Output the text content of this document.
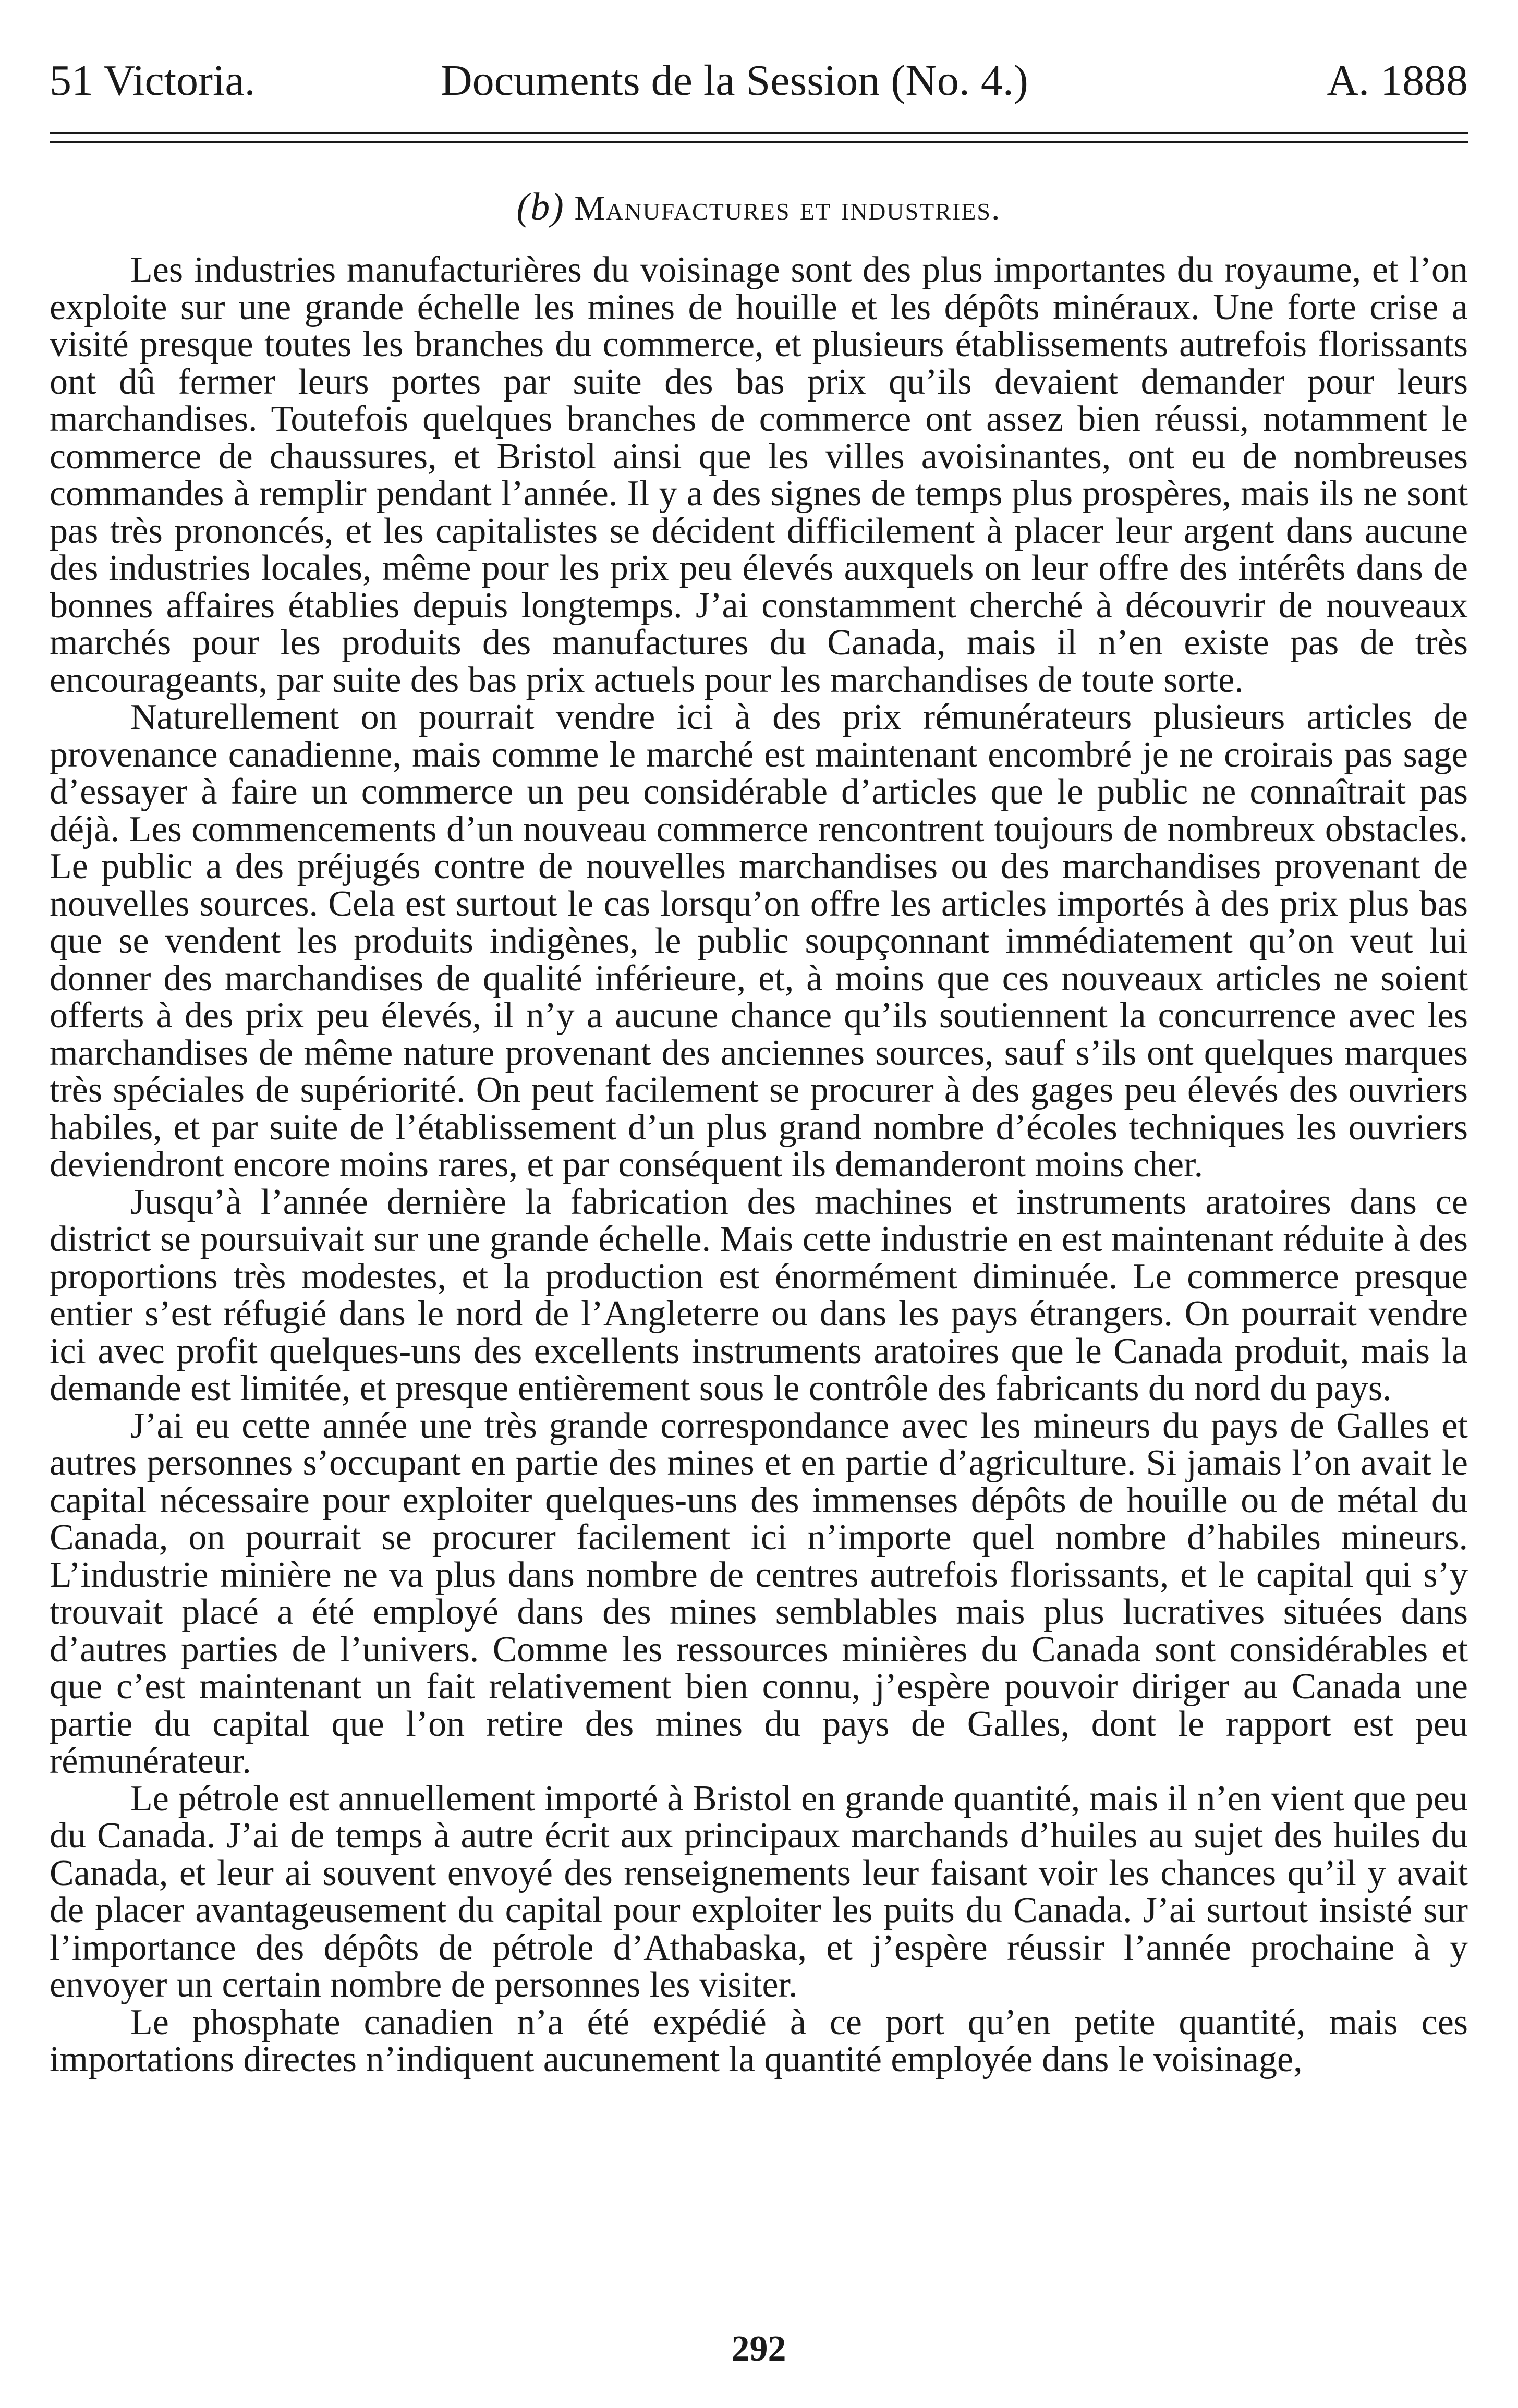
51 Victoria.	Documents de la Session (No. 4.)	A. 1888
(b) Manufactures et industries.

Les industries manufacturières du voisinage sont des plus importantes du royaume, et l’on exploite sur une grande échelle les mines de houille et les dépôts minéraux. Une forte crise a visité presque toutes les branches du commerce, et plusieurs établissements autrefois florissants ont dû fermer leurs portes par suite des bas prix qu’ils devaient demander pour leurs marchandises. Toutefois quelques branches de commerce ont assez bien réussi, notamment le commerce de chaussures, et Bristol ainsi que les villes avoisinantes, ont eu de nombreuses commandes à remplir pendant l’année. Il y a des signes de temps plus prospères, mais ils ne sont pas très prononcés, et les capitalistes se décident difficilement à placer leur argent dans aucune des industries locales, même pour les prix peu élevés auxquels on leur offre des intérêts dans de bonnes affaires établies depuis longtemps. J’ai constamment cherché à découvrir de nouveaux marchés pour les produits des manufactures du Canada, mais il n’en existe pas de très encourageants, par suite des bas prix actuels pour les marchandises de toute sorte.

Naturellement on pourrait vendre ici à des prix rémunérateurs plusieurs articles de provenance canadienne, mais comme le marché est maintenant encombré je ne croirais pas sage d’essayer à faire un commerce un peu considérable d’articles que le public ne connaîtrait pas déjà. Les commencements d’un nouveau commerce rencontrent toujours de nombreux obstacles. Le public a des préjugés contre de nouvelles marchandises ou des marchandises provenant de nouvelles sources. Cela est surtout le cas lorsqu’on offre les articles importés à des prix plus bas que se vendent les produits indigènes, le public soupçonnant immédiatement qu’on veut lui donner des marchandises de qualité inférieure, et, à moins que ces nouveaux articles ne soient offerts à des prix peu élevés, il n’y a aucune chance qu’ils soutiennent la concurrence avec les marchandises de même nature provenant des anciennes sources, sauf s’ils ont quelques marques très spéciales de supériorité. On peut facilement se procurer à des gages peu élevés des ouvriers habiles, et par suite de l’établissement d’un plus grand nombre d’écoles techniques les ouvriers deviendront encore moins rares, et par conséquent ils demanderont moins cher.

Jusqu’à l’année dernière la fabrication des machines et instruments aratoires dans ce district se poursuivait sur une grande échelle. Mais cette industrie en est maintenant réduite à des proportions très modestes, et la production est énormément diminuée. Le commerce presque entier s’est réfugié dans le nord de l’Angleterre ou dans les pays étrangers. On pourrait vendre ici avec profit quelques-uns des excellents instruments aratoires que le Canada produit, mais la demande est limitée, et presque entièrement sous le contrôle des fabricants du nord du pays.

J’ai eu cette année une très grande correspondance avec les mineurs du pays de Galles et autres personnes s’occupant en partie des mines et en partie d’agriculture. Si jamais l’on avait le capital nécessaire pour exploiter quelques-uns des immenses dépôts de houille ou de métal du Canada, on pourrait se procurer facilement ici n’importe quel nombre d’habiles mineurs. L’industrie minière ne va plus dans nombre de centres autrefois florissants, et le capital qui s’y trouvait placé a été employé dans des mines semblables mais plus lucratives situées dans d’autres parties de l’univers. Comme les ressources minières du Canada sont considérables et que c’est maintenant un fait relativement bien connu, j’espère pouvoir diriger au Canada une partie du capital que l’on retire des mines du pays de Galles, dont le rapport est peu rémunérateur.

Le pétrole est annuellement importé à Bristol en grande quantité, mais il n’en vient que peu du Canada. J’ai de temps à autre écrit aux principaux marchands d’huiles au sujet des huiles du Canada, et leur ai souvent envoyé des renseignements leur faisant voir les chances qu’il y avait de placer avantageusement du capital pour exploiter les puits du Canada. J’ai surtout insisté sur l’importance des dépôts de pétrole d’Athabaska, et j’espère réussir l’année prochaine à y envoyer un certain nombre de personnes les visiter.

Le phosphate canadien n’a été expédié à ce port qu’en petite quantité, mais ces importations directes n’indiquent aucunement la quantité employée dans le voisinage,

292
